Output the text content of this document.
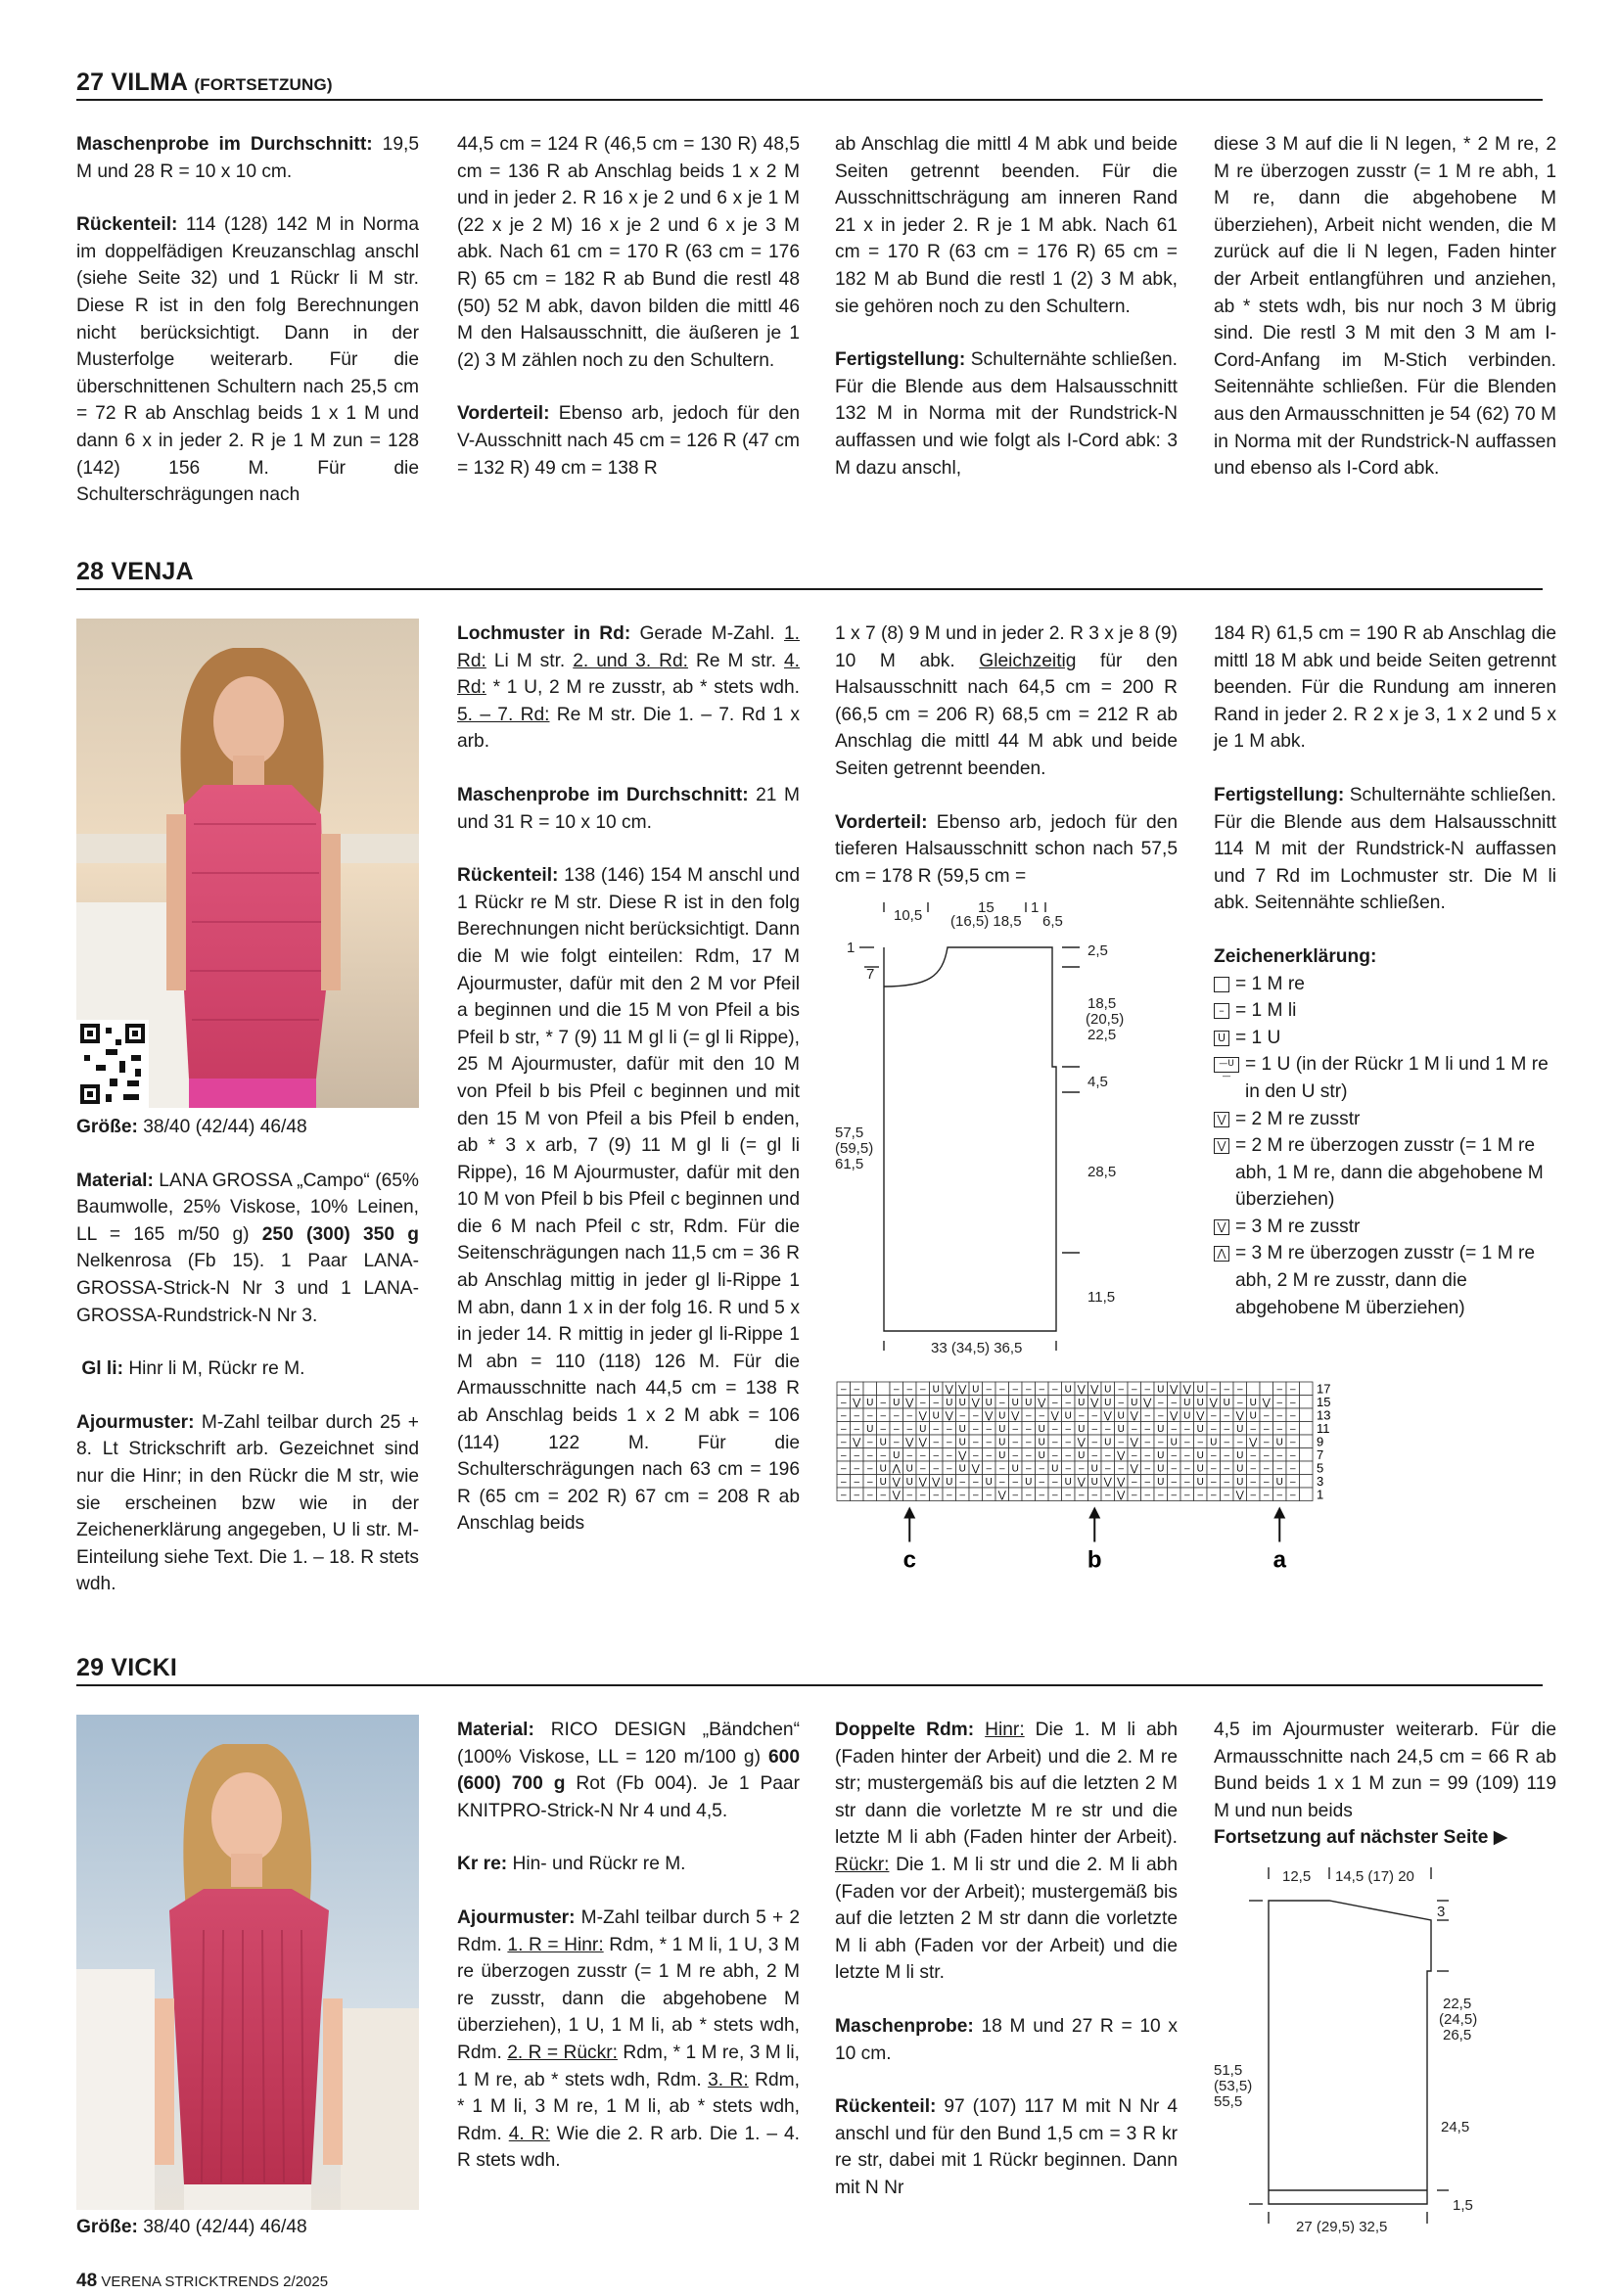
27 VILMA (FORTSETZUNG)

Maschenprobe im Durchschnitt: 19,5 M und 28 R = 10 x 10 cm.

Rückenteil: 114 (128) 142 M in Norma im doppelfädigen Kreuzanschlag anschl (siehe Seite 32) und 1 Rückr li M str. Diese R ist in den folg Berechnungen nicht berücksichtigt. Dann in der Musterfolge weiterarb. Für die überschnittenen Schultern nach 25,5 cm = 72 R ab Anschlag beids 1 x 1 M und dann 6 x in jeder 2. R je 1 M zun = 128 (142) 156 M. Für die Schulterschrägungen nach

44,5 cm = 124 R (46,5 cm = 130 R) 48,5 cm = 136 R ab Anschlag beids 1 x 2 M und in jeder 2. R 16 x je 2 und 6 x je 1 M (22 x je 2 M) 16 x je 2 und 6 x je 3 M abk. Nach 61 cm = 170 R (63 cm = 176 R) 65 cm = 182 R ab Bund die restl 48 (50) 52 M abk, davon bilden die mittl 46 M den Halsausschnitt, die äußeren je 1 (2) 3 M zählen noch zu den Schultern.

Vorderteil: Ebenso arb, jedoch für den V-Ausschnitt nach 45 cm = 126 R (47 cm = 132 R) 49 cm = 138 R

ab Anschlag die mittl 4 M abk und beide Seiten getrennt beenden. Für die Ausschnittschrägung am inneren Rand 21 x in jeder 2. R je 1 M abk. Nach 61 cm = 170 R (63 cm = 176 R) 65 cm = 182 M ab Bund die restl 1 (2) 3 M abk, sie gehören noch zu den Schultern.

Fertigstellung: Schulternähte schließen. Für die Blende aus dem Halsausschnitt 132 M in Norma mit der Rundstrick-N auffassen und wie folgt als I-Cord abk: 3 M dazu anschl,

diese 3 M auf die li N legen, * 2 M re, 2 M re überzogen zusstr (= 1 M re abh, 1 M re, dann die abgehobene M überziehen), Arbeit nicht wenden, die M zurück auf die li N legen, Faden hinter der Arbeit entlangführen und anziehen, ab * stets wdh, bis nur noch 3 M übrig sind. Die restl 3 M mit den 3 M am I-Cord-Anfang im M-Stich verbinden. Seitennähte schließen. Für die Blenden aus den Armausschnitten je 54 (62) 70 M in Norma mit der Rundstrick-N auffassen und ebenso als I-Cord abk.

28 VENJA

Größe: 38/40 (42/44) 46/48

Material: LANA GROSSA „Campo“ (65% Baumwolle, 25% Viskose, 10% Leinen, LL = 165 m/50 g) 250 (300) 350 g Nelkenrosa (Fb 15). 1 Paar LANA-GROSSA-Strick-N Nr 3 und 1 LANA-GROSSA-Rundstrick-N Nr 3.

Gl li: Hinr li M, Rückr re M.

Ajourmuster: M-Zahl teilbar durch 25 + 8. Lt Strickschrift arb. Gezeichnet sind nur die Hinr; in den Rückr die M str, wie sie erscheinen bzw wie in der Zeichenerklärung angegeben, U li str. M-Einteilung siehe Text. Die 1. – 18. R stets wdh.

Lochmuster in Rd: Gerade M-Zahl. 1. Rd: Li M str. 2. und 3. Rd: Re M str. 4. Rd: * 1 U, 2 M re zusstr, ab * stets wdh. 5. – 7. Rd: Re M str. Die 1. – 7. Rd 1 x arb.

Maschenprobe im Durchschnitt: 21 M und 31 R = 10 x 10 cm.

Rückenteil: 138 (146) 154 M anschl und 1 Rückr re M str. Diese R ist in den folg Berechnungen nicht berücksichtigt. Dann die M wie folgt einteilen: Rdm, 17 M Ajourmuster, dafür mit den 2 M vor Pfeil a beginnen und die 15 M von Pfeil a bis Pfeil b str, * 7 (9) 11 M gl li (= gl li Rippe), 25 M Ajourmuster, dafür mit den 10 M von Pfeil b bis Pfeil c beginnen und mit den 15 M von Pfeil a bis Pfeil b enden, ab * 3 x arb, 7 (9) 11 M gl li (= gl li Rippe), 16 M Ajourmuster, dafür mit den 10 M von Pfeil b bis Pfeil c beginnen und die 6 M nach Pfeil c str, Rdm. Für die Seitenschrägungen nach 11,5 cm = 36 R ab Anschlag mittig in jeder gl li-Rippe 1 M abn, dann 1 x in der folg 16. R und 5 x in jeder 14. R mittig in jeder gl li-Rippe 1 M abn = 110 (118) 126 M. Für die Armausschnitte nach 44,5 cm = 138 R ab Anschlag beids 1 x 2 M abk = 106 (114) 122 M. Für die Schulterschrägungen nach 63 cm = 196 R (65 cm = 202 R) 67 cm = 208 R ab Anschlag beids

1 x 7 (8) 9 M und in jeder 2. R 3 x je 8 (9) 10 M abk. Gleichzeitig für den Halsausschnitt nach 64,5 cm = 200 R (66,5 cm = 206 R) 68,5 cm = 212 R ab Anschlag die mittl 44 M abk und beide Seiten getrennt beenden.

Vorderteil: Ebenso arb, jedoch für den tieferen Halsausschnitt schon nach 57,5 cm = 178 R (59,5 cm =

10,5	15
(16,5) 18,5
1
6,5
1
7
2,5
18,5
(20,5)
22,5
4,5
57,5
(59,5)
61,5	28,5
11,5
33 (34,5) 36,5
– –	– – – U ⋁ ⋁ U – – – – – – U ⋁ ⋁ U – – – U ⋁ ⋁ U – – –	– –
– ⋁ U – U ⋁ – – U U ⋁ U – U U ⋁ – – U ⋁ U – U ⋁ – – U U ⋁ U – U ⋁ – –
– – – – – – ⋁ U ⋁ – – ⋁ U ⋁ – – ⋁ U – – ⋁ U ⋁ – – ⋁ U ⋁ – – ⋁ U – – –
– – U – – – U – – U – – U – – U – – U – – U – – U – – U – – U – – – –
– ⋁ – U – ⋁ ⋁ – – U – – U – – U – – ⋁ – U – ⋁ – – U – – U – – ⋁ – U –
– – – – U – – – – ⋁ – – U – – U – – U – – ⋁ – – U – – U – – U – – – –
– – – U ⋀ U – – – U ⋁ – – U – – U – – U – – ⋁ – U – – U – – U – – – –
– – – U ⋁ U ⋁ ⋁ U – – U – – U – – U ⋁ U ⋁ ⋁ – – U – – U – – U – – U –
– – – – ⋁ – – – – – – – ⋁ – – – – – – – – ⋁ – – – – – – – – ⋁ – – – –
17
15
13
11
9
7
5
3
1
c	b	a

184 R) 61,5 cm = 190 R ab Anschlag die mittl 18 M abk und beide Seiten getrennt beenden. Für die Rundung am inneren Rand in jeder 2. R 2 x je 3, 1 x 2 und 5 x je 1 M abk.

Fertigstellung: Schulternähte schließen. Für die Blende aus dem Halsausschnitt 114 M mit der Rundstrick-N auffassen und 7 Rd im Lochmuster str. Die M li abk. Seitennähte schließen.

Zeichenerklärung:

= 1 M re
– = 1 M li
U = 1 U
—U—
= 1 U (in der Rückr 1 M li und 1 M re in den U str)
⋁ = 2 M re zusstr
⋁ = 2 M re überzogen zusstr (= 1 M re abh, 1 M re, dann die abgehobene M überziehen)
⋁ = 3 M re zusstr
⋀ = 3 M re überzogen zusstr (= 1 M re abh, 2 M re zusstr, dann die abgehobene M überziehen)
29 VICKI

Größe: 38/40 (42/44) 46/48

Material: RICO DESIGN „Bändchen“ (100% Viskose, LL = 120 m/100 g) 600 (600) 700 g Rot (Fb 004). Je 1 Paar KNITPRO-Strick-N Nr 4 und 4,5.

Kr re: Hin- und Rückr re M.

Ajourmuster: M-Zahl teilbar durch 5 + 2 Rdm. 1. R = Hinr: Rdm, * 1 M li, 1 U, 3 M re überzogen zusstr (= 1 M re abh, 2 M re zusstr, dann die abgehobene M überziehen), 1 U, 1 M li, ab * stets wdh, Rdm. 2. R = Rückr: Rdm, * 1 M re, 3 M li, 1 M re, ab * stets wdh, Rdm. 3. R: Rdm, * 1 M li, 3 M re, 1 M li, ab * stets wdh, Rdm. 4. R: Wie die 2. R arb. Die 1. – 4. R stets wdh.

Doppelte Rdm: Hinr: Die 1. M li abh (Faden hinter der Arbeit) und die 2. M re str; mustergemäß bis auf die letzten 2 M str dann die vorletzte M re str und die letzte M li abh (Faden hinter der Arbeit). Rückr: Die 1. M li str und die 2. M li abh (Faden vor der Arbeit); mustergemäß bis auf die letzten 2 M str dann die vorletzte M li abh (Faden vor der Arbeit) und die letzte M li str.

Maschenprobe: 18 M und 27 R = 10 x 10 cm.

Rückenteil: 97 (107) 117 M mit N Nr 4 anschl und für den Bund 1,5 cm = 3 R kr re str, dabei mit 1 Rückr beginnen. Dann mit N Nr

4,5 im Ajourmuster weiterarb. Für die Armausschnitte nach 24,5 cm = 66 R ab Bund beids 1 x 1 M zun = 99 (109) 119 M und nun beids

Fortsetzung auf nächster Seite ▶

12,5 14,5 (17) 20
3
22,5
(24,5)
26,5
51,5
(53,5)
55,5
24,5
1,5
27 (29,5) 32,5
48 VERENA STRICKTRENDS 2/2025
